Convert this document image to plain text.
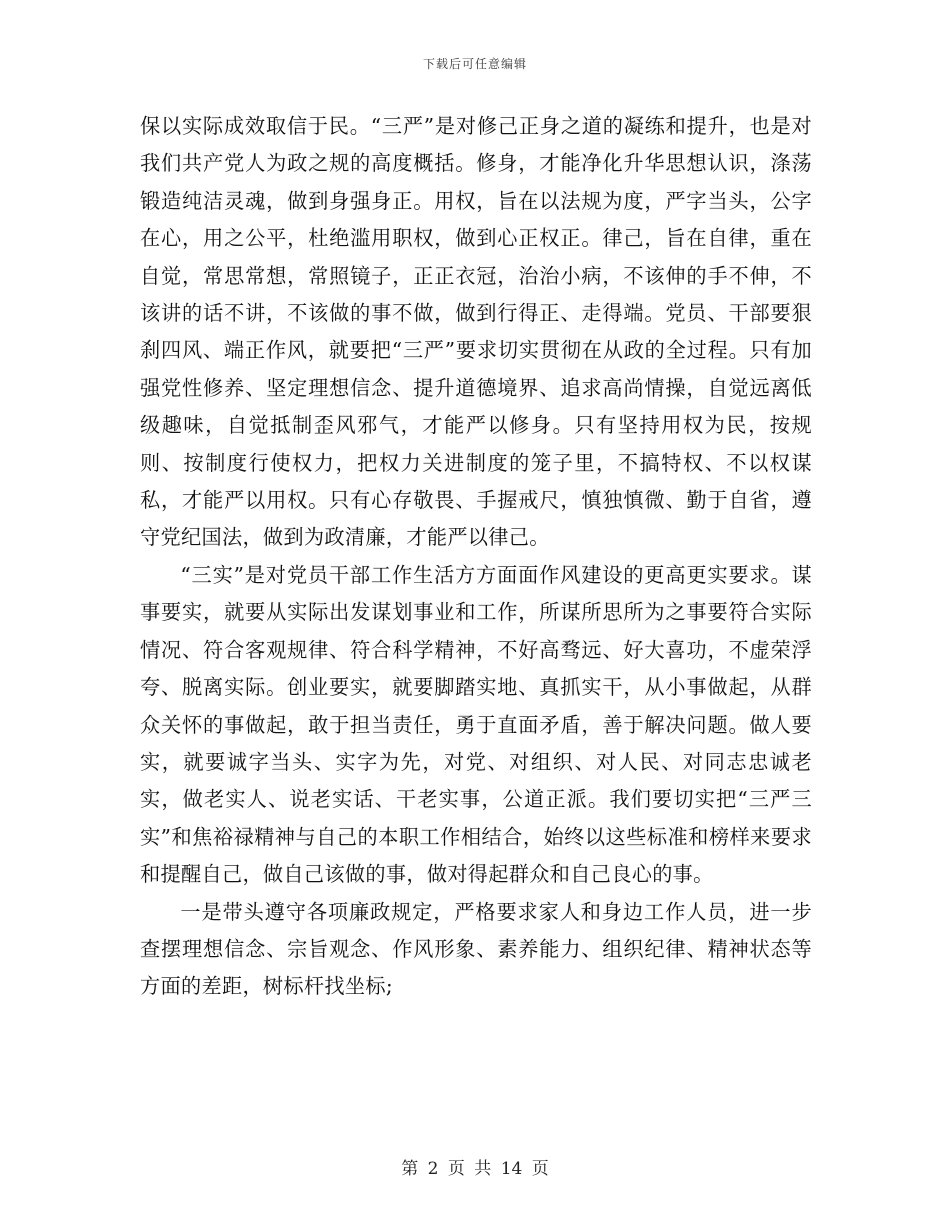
下载后可任意编辑

保以实际成效取信于民。“三严”是对修己正身之道的凝练和提升，也是对我们共产党人为政之规的高度概括。修身，才能净化升华思想认识，涤荡锻造纯洁灵魂，做到身强身正。用权，旨在以法规为度，严字当头，公字在心，用之公平，杜绝滥用职权，做到心正权正。律己，旨在自律，重在自觉，常思常想，常照镜子，正正衣冠，治治小病，不该伸的手不伸，不该讲的话不讲，不该做的事不做，做到行得正、走得端。党员、干部要狠刹四风、端正作风，就要把“三严”要求切实贯彻在从政的全过程。只有加强党性修养、坚定理想信念、提升道德境界、追求高尚情操，自觉远离低级趣味，自觉抵制歪风邪气，才能严以修身。只有坚持用权为民，按规则、按制度行使权力，把权力关进制度的笼子里，不搞特权、不以权谋私，才能严以用权。只有心存敬畏、手握戒尺，慎独慎微、勤于自省，遵守党纪国法，做到为政清廉，才能严以律己。

“三实”是对党员干部工作生活方方面面作风建设的更高更实要求。谋事要实，就要从实际出发谋划事业和工作，所谋所思所为之事要符合实际情况、符合客观规律、符合科学精神，不好高骛远、好大喜功，不虚荣浮夸、脱离实际。创业要实，就要脚踏实地、真抓实干，从小事做起，从群众关怀的事做起，敢于担当责任，勇于直面矛盾，善于解决问题。做人要实，就要诚字当头、实字为先，对党、对组织、对人民、对同志忠诚老实，做老实人、说老实话、干老实事，公道正派。我们要切实把“三严三实”和焦裕禄精神与自己的本职工作相结合，始终以这些标准和榜样来要求和提醒自己，做自己该做的事，做对得起群众和自己良心的事。

一是带头遵守各项廉政规定，严格要求家人和身边工作人员，进一步查摆理想信念、宗旨观念、作风形象、素养能力、组织纪律、精神状态等方面的差距，树标杆找坐标;

第 2 页 共 14 页
